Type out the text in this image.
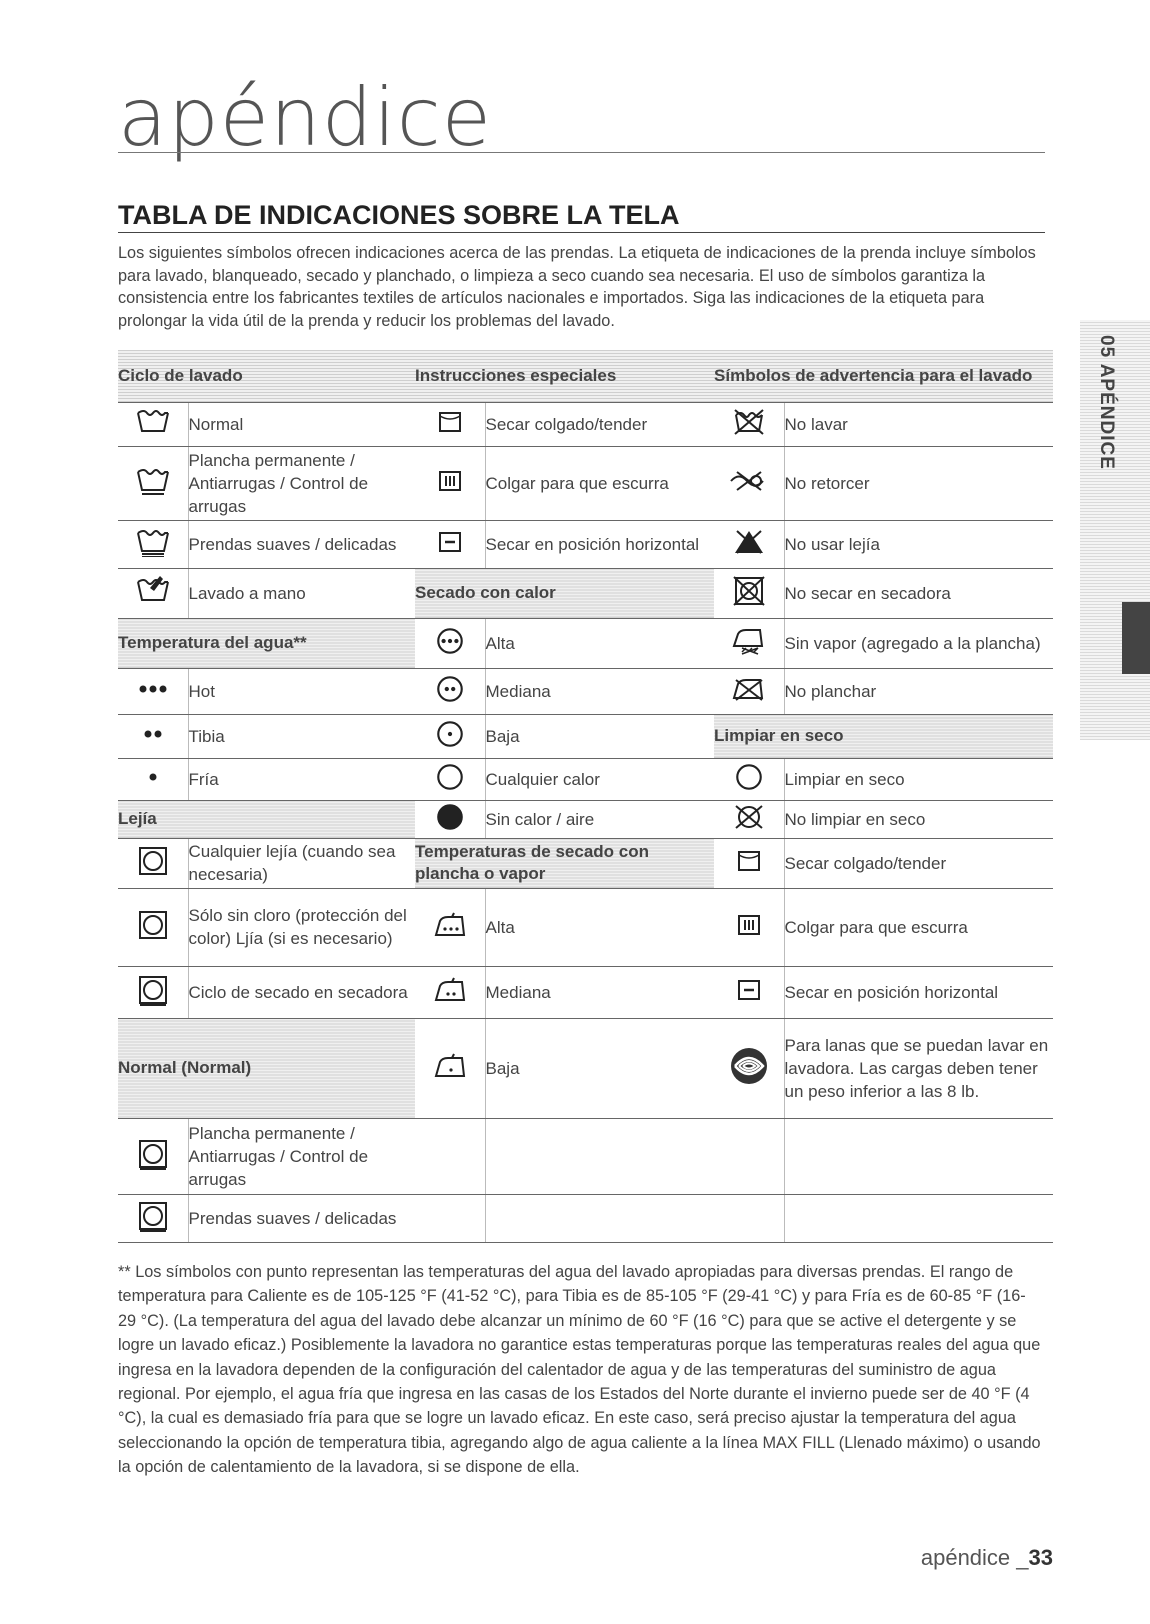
apéndice
TABLA DE INDICACIONES SOBRE LA TELA

Los siguientes símbolos ofrecen indicaciones acerca de las prendas. La etiqueta de indicaciones de la prenda incluye símbolos para lavado, blanqueado, secado y planchado, o limpieza a seco cuando sea necesaria. El uso de símbolos garantiza la consistencia entre los fabricantes textiles de artículos nacionales e importados. Siga las indicaciones de la etiqueta para prolongar la vida útil de la prenda y reducir los problemas del lavado.

05 APÉNDICE
Ciclo de lavado		Instrucciones especiales		Símbolos de advertencia para el lavado	

	Normal		Secar colgado/tender		No lavar

	Plancha permanente / Antiarrugas / Control de arrugas		Colgar para que escurra		No retorcer

	Prendas suaves / delicadas		Secar en posición horizontal		No usar lejía

	Lavado a mano	Secado con calor			No secar en secadora
Temperatura del agua**			Alta		Sin vapor (agregado a la plancha)

	Hot		Mediana		No planchar

	Tibia		Baja	Limpiar en seco	

	Fría		Cualquier calor		Limpiar en seco
Lejía			Sin calor / aire		No limpiar en seco

	Cualquier lejía (cuando sea necesaria)	Temperaturas de secado con plancha o vapor			Secar colgado/tender

	Sólo sin cloro (protección del color) Ljía (si es necesario)		Alta		Colgar para que escurra

	Ciclo de secado en secadora		Mediana		Secar en posición horizontal
Normal (Normal)			Baja		Para lanas que se puedan lavar en lavadora. Las cargas deben tener un peso inferior a las 8 lb.

	Plancha permanente / Antiarrugas / Control de arrugas				

	Prendas suaves / delicadas				

** Los símbolos con punto representan las temperaturas del agua del lavado apropiadas para diversas prendas. El rango de temperatura para Caliente es de 105-125 °F (41-52 °C), para Tibia es de 85-105 °F (29-41 °C) y para Fría es de 60-85 °F (16-29 °C). (La temperatura del agua del lavado debe alcanzar un mínimo de 60 °F (16 °C) para que se active el detergente y se logre un lavado eficaz.) Posiblemente la lavadora no garantice estas temperaturas porque las temperaturas reales del agua que ingresa en la lavadora dependen de la configuración del calentador de agua y de las temperaturas del suministro de agua regional. Por ejemplo, el agua fría que ingresa en las casas de los Estados del Norte durante el invierno puede ser de 40 °F (4 °C), la cual es demasiado fría para que se logre un lavado eficaz. En este caso, será preciso ajustar la temperatura del agua seleccionando la opción de temperatura tibia, agregando algo de agua caliente a la línea MAX FILL (Llenado máximo) o usando la opción de calentamiento de la lavadora, si se dispone de ella.

apéndice _33
